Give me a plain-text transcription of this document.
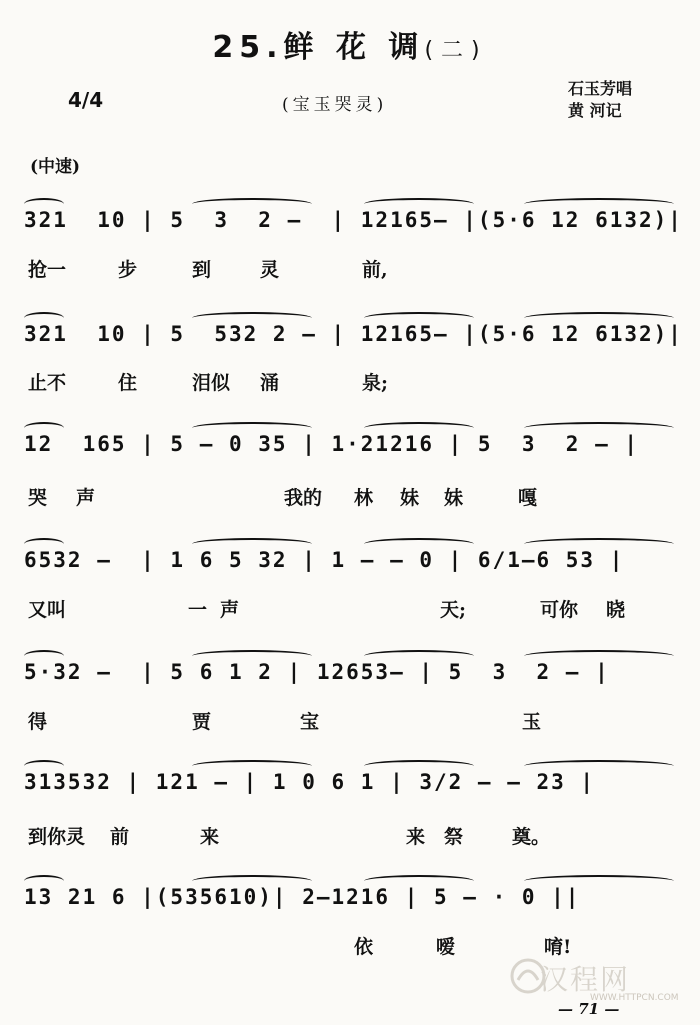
25.鲜 花 调(二)
4/4	(宝玉哭灵)
石玉芳唱
黄 河记
(中速)
321  10 | 5  3  2 —  | 12165— |(5·6 12 6132)|
抢一	步	到	灵	前,
321  10 | 5  532 2 — | 12165— |(5·6 12 6132)|
止不	住	泪似 涌	泉;
12  165 | 5 — 0 35 | 1·21216 | 5  3  2 — |
哭 声	我的 林 妹 妹	嘎
6532 —  | 1 6 5 32 | 1 — — 0 | 6/1—6 53 |
又叫	一 声	天;	可你 晓
5·32 —  | 5 6 1 2 | 12653— | 5  3  2 — |
得	贾	宝	玉
313532 | 121 — | 1 0 6 1 | 3/2 — — 23 |
到你灵 前	来	来 祭	奠。
13 21 6 |(535610)| 2—1216 | 5 — · 0 ||
依	嗳	唷!
汉程网
WWW.HTTPCN.COM
— 71 —
